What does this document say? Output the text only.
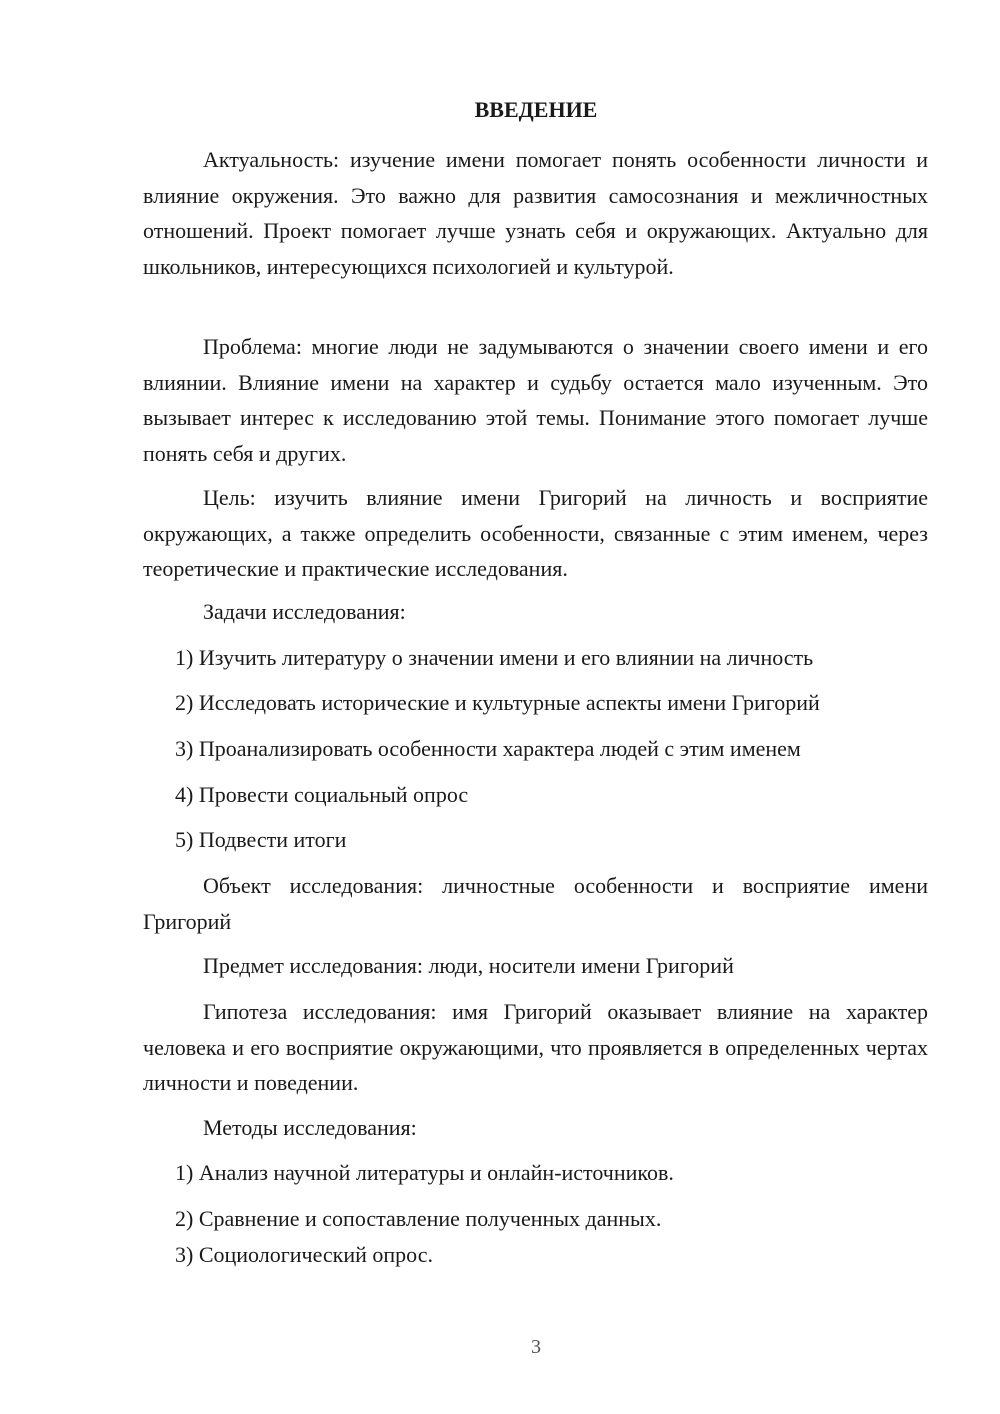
ВВЕДЕНИЕ

Актуальность: изучение имени помогает понять особенности личности и влияние окружения. Это важно для развития самосознания и межличностных отношений. Проект помогает лучше узнать себя и окружающих. Актуально для школьников, интересующихся психологией и культурой.

Проблема: многие люди не задумываются о значении своего имени и его влиянии. Влияние имени на характер и судьбу остается мало изученным. Это вызывает интерес к исследованию этой темы. Понимание этого помогает лучше понять себя и других.

Цель: изучить влияние имени Григорий на личность и восприятие окружающих, а также определить особенности, связанные с этим именем, через теоретические и практические исследования.

Задачи исследования:

1) Изучить литературу о значении имени и его влиянии на личность

2) Исследовать исторические и культурные аспекты имени Григорий

3) Проанализировать особенности характера людей с этим именем

4) Провести социальный опрос

5) Подвести итоги

Объект исследования: личностные особенности и восприятие имени Григорий

Предмет исследования: люди, носители имени Григорий

Гипотеза исследования: имя Григорий оказывает влияние на характер человека и его восприятие окружающими, что проявляется в определенных чертах личности и поведении.

Методы исследования:

1) Анализ научной литературы и онлайн-источников.

2) Сравнение и сопоставление полученных данных.

3) Социологический опрос.

3
